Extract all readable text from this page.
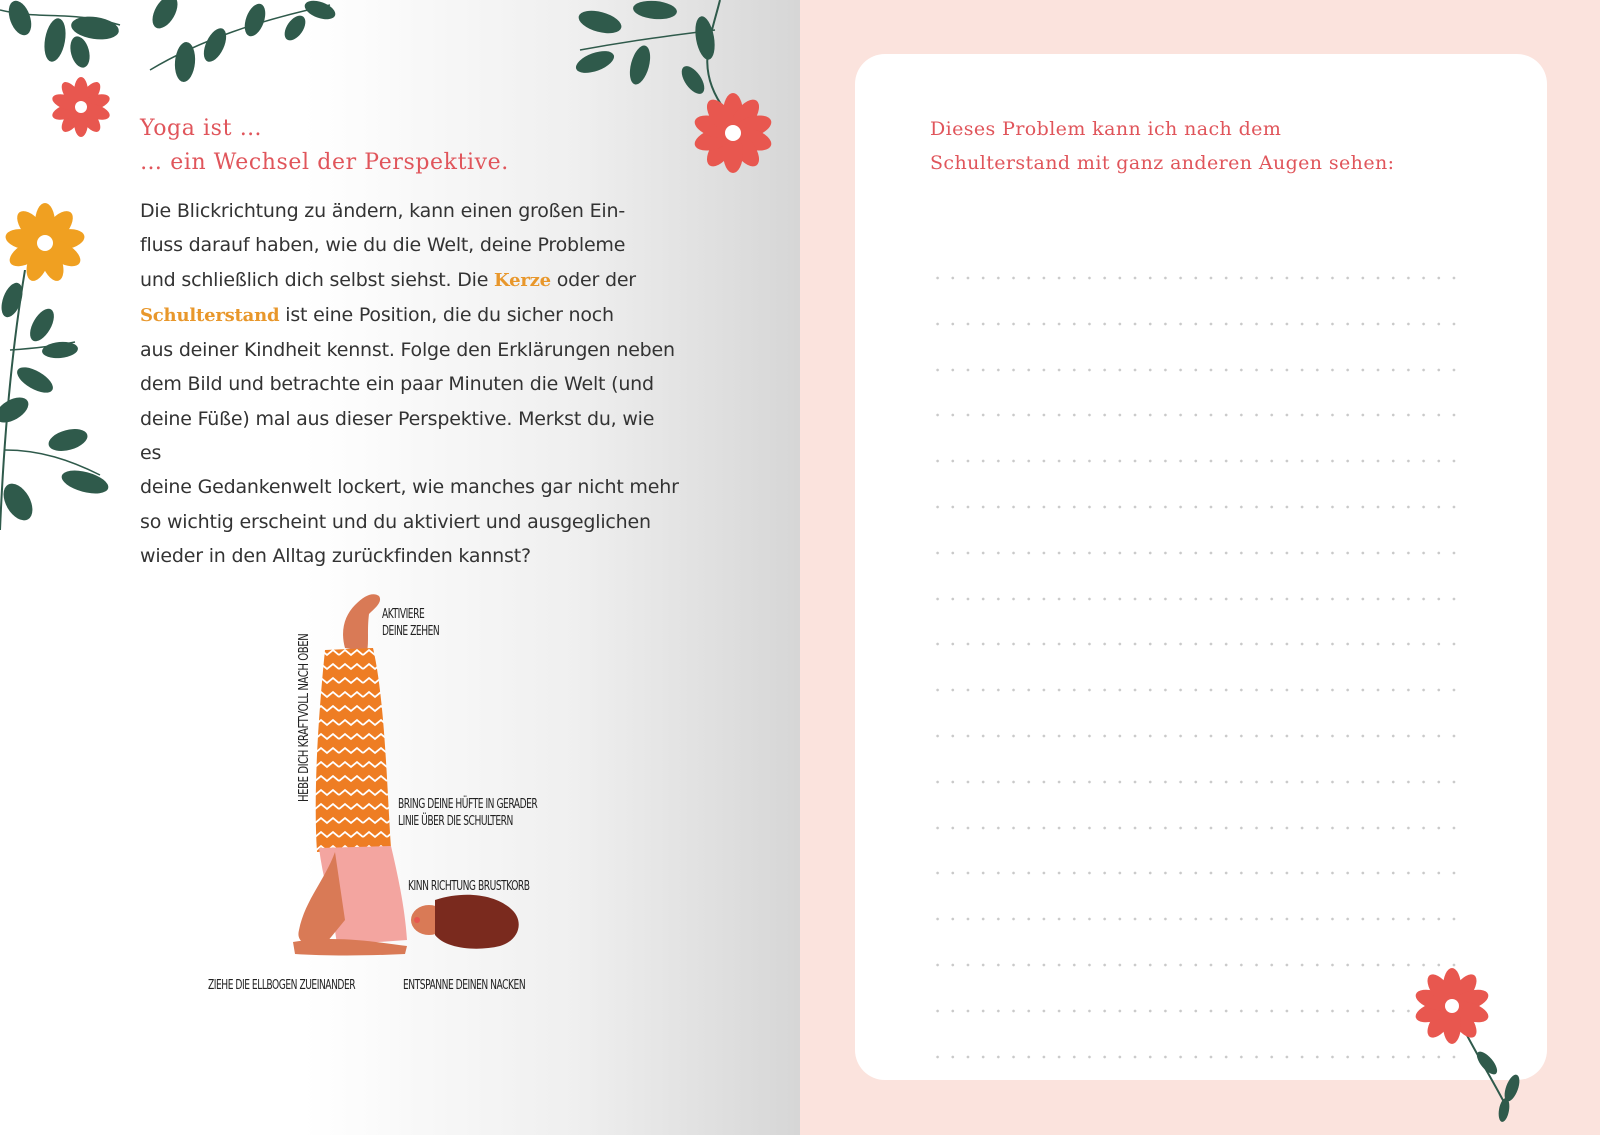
Yoga ist …
… ein Wechsel der Perspektive.

Die Blickrichtung zu ändern, kann einen großen Ein-
fluss darauf haben, wie du die Welt, deine Probleme
und schließlich dich selbst siehst. Die Kerze oder der
Schulterstand ist eine Position, die du sicher noch
aus deiner Kindheit kennst. Folge den Erklärungen neben
dem Bild und betrachte ein paar Minuten die Welt (und
deine Füße) mal aus dieser Perspektive. Merkst du, wie es
deine Gedankenwelt lockert, wie manches gar nicht mehr
so wichtig erscheint und du aktiviert und ausgeglichen
wieder in den Alltag zurückfinden kannst?

AKTIVIERE
DEINE ZEHEN

HEBE DICH KRAFTVOLL NACH OBEN

BRING DEINE HÜFTE IN GERADER
LINIE ÜBER DIE SCHULTERN

KINN RICHTUNG BRUSTKORB

ZIEHE DIE ELLBOGEN ZUEINANDER	ENTSPANNE DEINEN NACKEN

Dieses Problem kann ich nach dem
Schulterstand mit ganz anderen Augen sehen:
